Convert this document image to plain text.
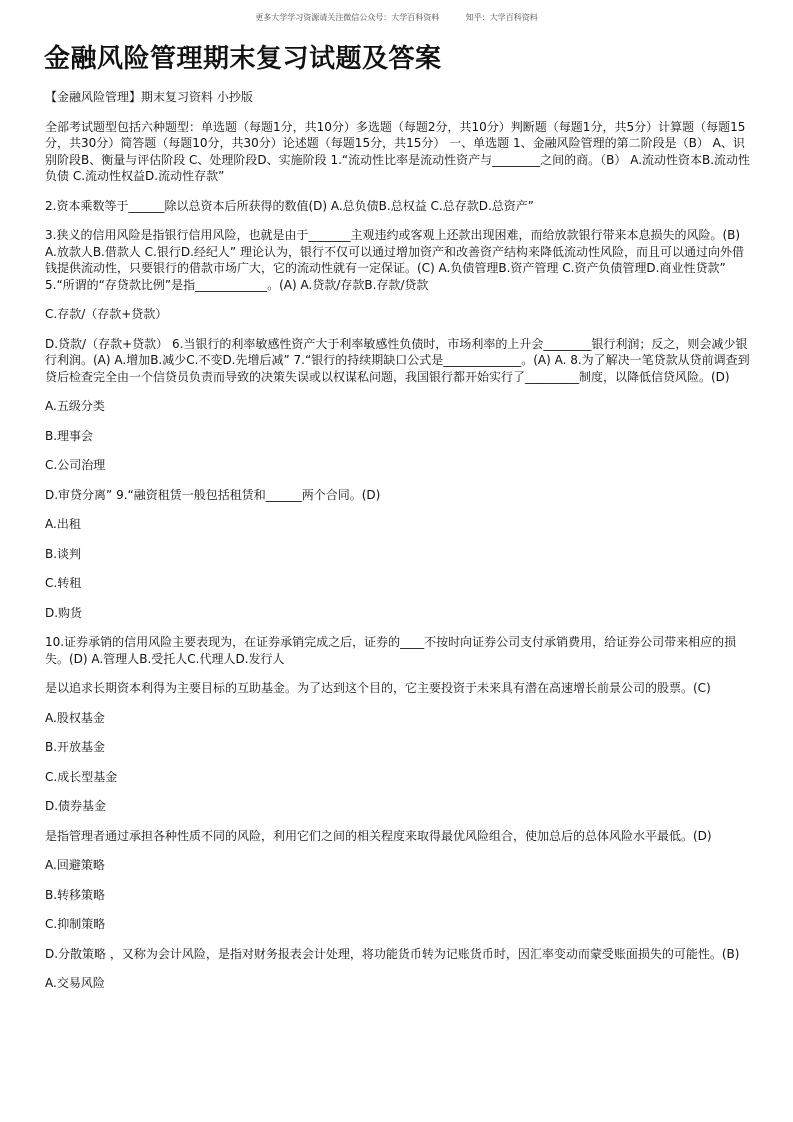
更多大学学习资源请关注微信公众号：大学百科资料	知乎：大学百科资料
金融风险管理期末复习试题及答案

【金融风险管理】期末复习资料 小抄版

全部考试题型包括六种题型：单选题（每题1分，共10分）多选题（每题2分，共10分）判断题（每题1分，共5分）计算题（每题15分，共30分）简答题（每题10分，共30分）论述题（每题15分，共15分） 一、单选题 1、金融风险管理的第二阶段是（B） A、识别阶段B、衡量与评估阶段 C、处理阶段D、实施阶段 1.“流动性比率是流动性资产与________之间的商。（B） A.流动性资本B.流动性负债 C.流动性权益D.流动性存款”

2.资本乘数等于______除以总资本后所获得的数值(D) A.总负债B.总权益 C.总存款D.总资产”

3.狭义的信用风险是指银行信用风险，也就是由于_______主观违约或客观上还款出现困难，而给放款银行带来本息损失的风险。(B) A.放款人B.借款人 C.银行D.经纪人” 理论认为，银行不仅可以通过增加资产和改善资产结构来降低流动性风险，而且可以通过向外借钱提供流动性，只要银行的借款市场广大，它的流动性就有一定保证。(C) A.负债管理B.资产管理 C.资产负债管理D.商业性贷款” 5.“所谓的“存贷款比例”是指____________。(A) A.贷款/存款B.存款/贷款

C.存款/（存款+贷款）

D.贷款/（存款+贷款） 6.当银行的利率敏感性资产大于利率敏感性负债时，市场利率的上升会________银行利润；反之，则会减少银行利润。(A) A.增加B.减少C.不变D.先增后减” 7.“银行的持续期缺口公式是_____________。(A) A. 8.为了解决一笔贷款从贷前调查到贷后检查完全由一个信贷员负责而导致的决策失误或以权谋私问题，我国银行都开始实行了_________制度，以降低信贷风险。(D)

A.五级分类

B.理事会

C.公司治理

D.审贷分离” 9.“融资租赁一般包括租赁和______两个合同。(D)

A.出租

B.谈判

C.转租

D.购货

10.证券承销的信用风险主要表现为，在证券承销完成之后，证券的____不按时向证券公司支付承销费用，给证券公司带来相应的损失。(D) A.管理人B.受托人C.代理人D.发行人

是以追求长期资本利得为主要目标的互助基金。为了达到这个目的，它主要投资于未来具有潜在高速增长前景公司的股票。(C)

A.股权基金

B.开放基金

C.成长型基金

D.债券基金

是指管理者通过承担各种性质不同的风险，利用它们之间的相关程度来取得最优风险组合，使加总后的总体风险水平最低。(D)

A.回避策略

B.转移策略

C.抑制策略

D.分散策略 ，又称为会计风险，是指对财务报表会计处理，将功能货币转为记账货币时，因汇率变动而蒙受账面损失的可能性。(B)

A.交易风险
